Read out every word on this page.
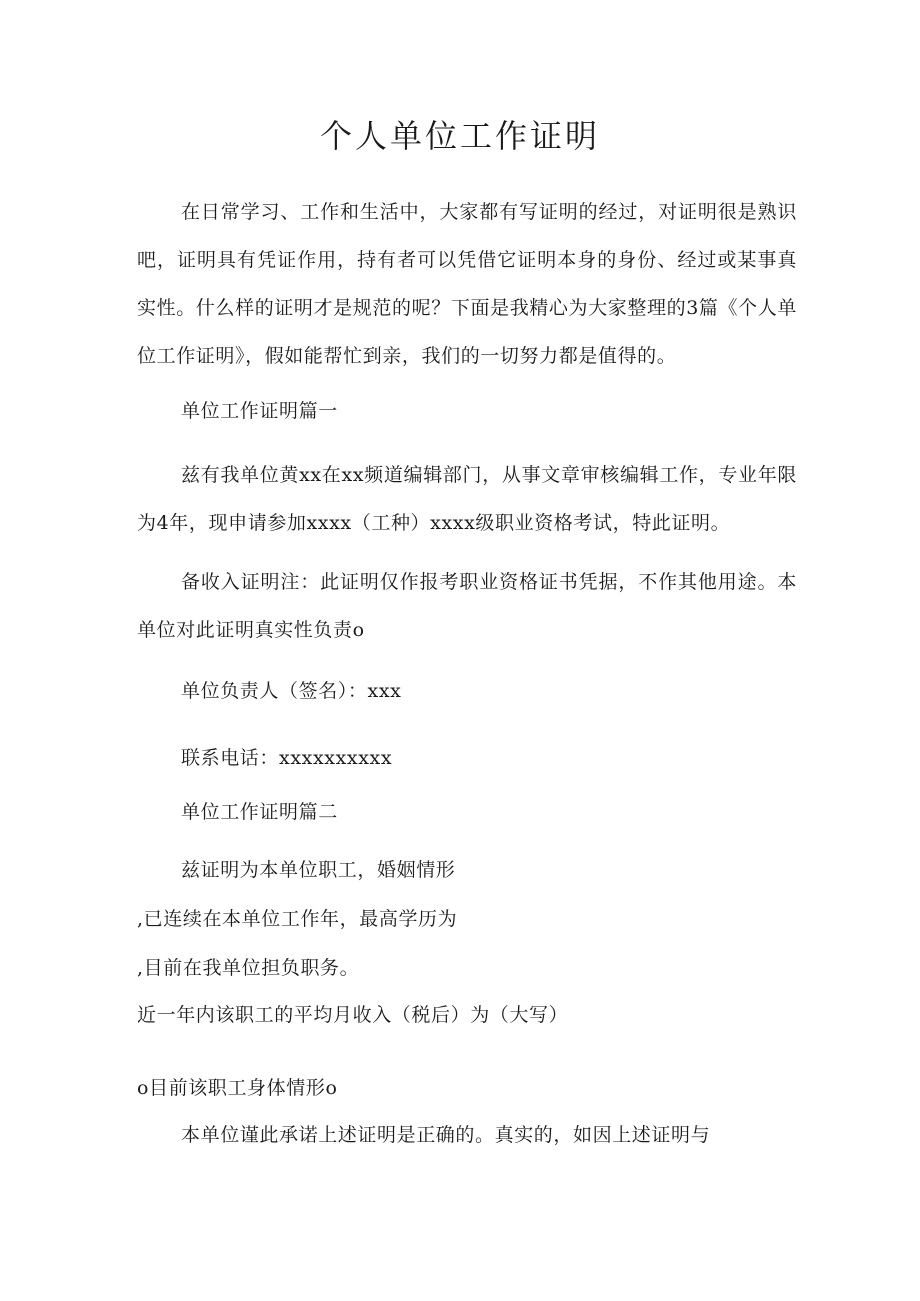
个人单位工作证明
在日常学习、工作和生活中，大家都有写证明的经过，对证明很是熟识吧，证明具有凭证作用，持有者可以凭借它证明本身的身份、经过或某事真实性。什么样的证明才是规范的呢？下面是我精心为大家整理的3篇《个人单位工作证明》，假如能帮忙到亲，我们的一切努力都是值得的。
单位工作证明篇一
兹有我单位黄xx在xx频道编辑部门，从事文章审核编辑工作，专业年限为4年，现申请参加xxxx（工种）xxxx级职业资格考试，特此证明。
备收入证明注：此证明仅作报考职业资格证书凭据，不作其他用途。本单位对此证明真实性负责o
单位负责人（签名）：xxx
联系电话：xxxxxxxxxx
单位工作证明篇二
兹证明为本单位职工，婚姻情形
,已连续在本单位工作年，最高学历为
,目前在我单位担负职务。
近一年内该职工的平均月收入（税后）为（大写）
o目前该职工身体情形o
本单位谨此承诺上述证明是正确的。真实的，如因上述证明与
